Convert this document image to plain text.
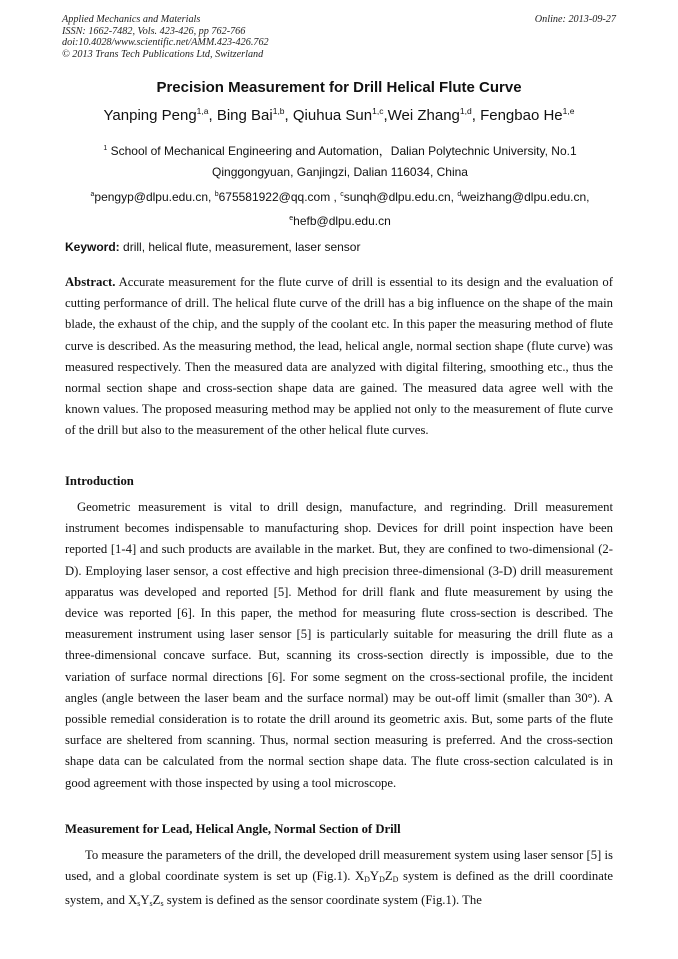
Applied Mechanics and Materials
ISSN: 1662-7482, Vols. 423-426, pp 762-766
doi:10.4028/www.scientific.net/AMM.423-426.762
© 2013 Trans Tech Publications Ltd, Switzerland
Online: 2013-09-27
Precision Measurement for Drill Helical Flute Curve
Yanping Peng$^{1,a}$, Bing Bai$^{1,b}$, Qiuhua Sun$^{1,c}$,Wei Zhang$^{1,d}$, Fengbao He$^{1,e}$
$^1$ School of Mechanical Engineering and Automation，Dalian Polytechnic University, No.1
Qinggongyuan, Ganjingzi, Dalian 116034, China
$^a$pengyp@dlpu.edu.cn, $^b$675581922@qq.com , $^c$sunqh@dlpu.edu.cn, $^d$weizhang@dlpu.edu.cn,
$^e$hefb@dlpu.edu.cn
Keyword: drill, helical flute, measurement, laser sensor
Abstract. Accurate measurement for the flute curve of drill is essential to its design and the evaluation of cutting performance of drill. The helical flute curve of the drill has a big influence on the shape of the main blade, the exhaust of the chip, and the supply of the coolant etc. In this paper the measuring method of flute curve is described. As the measuring method, the lead, helical angle, normal section shape (flute curve) was measured respectively. Then the measured data are analyzed with digital filtering, smoothing etc., thus the normal section shape and cross-section shape data are gained. The measured data agree well with the known values. The proposed measuring method may be applied not only to the measurement of flute curve of the drill but also to the measurement of the other helical flute curves.
Introduction
Geometric measurement is vital to drill design, manufacture, and regrinding. Drill measurement instrument becomes indispensable to manufacturing shop. Devices for drill point inspection have been reported [1-4] and such products are available in the market. But, they are confined to two-dimensional (2-D). Employing laser sensor, a cost effective and high precision three-dimensional (3-D) drill measurement apparatus was developed and reported [5]. Method for drill flank and flute measurement by using the device was reported [6]. In this paper, the method for measuring flute cross-section is described. The measurement instrument using laser sensor [5] is particularly suitable for measuring the drill flute as a three-dimensional concave surface. But, scanning its cross-section directly is impossible, due to the variation of surface normal directions [6]. For some segment on the cross-sectional profile, the incident angles (angle between the laser beam and the surface normal) may be out-off limit (smaller than 30°). A possible remedial consideration is to rotate the drill around its geometric axis. But, some parts of the flute surface are sheltered from scanning. Thus, normal section measuring is preferred. And the cross-section shape data can be calculated from the normal section shape data. The flute cross-section calculated is in good agreement with those inspected by using a tool microscope.
Measurement for Lead, Helical Angle, Normal Section of Drill
To measure the parameters of the drill, the developed drill measurement system using laser sensor [5] is used, and a global coordinate system is set up (Fig.1). $X_DY_DZ_D$ system is defined as the drill coordinate system, and $X_sY_sZ_s$ system is defined as the sensor coordinate system (Fig.1). The
